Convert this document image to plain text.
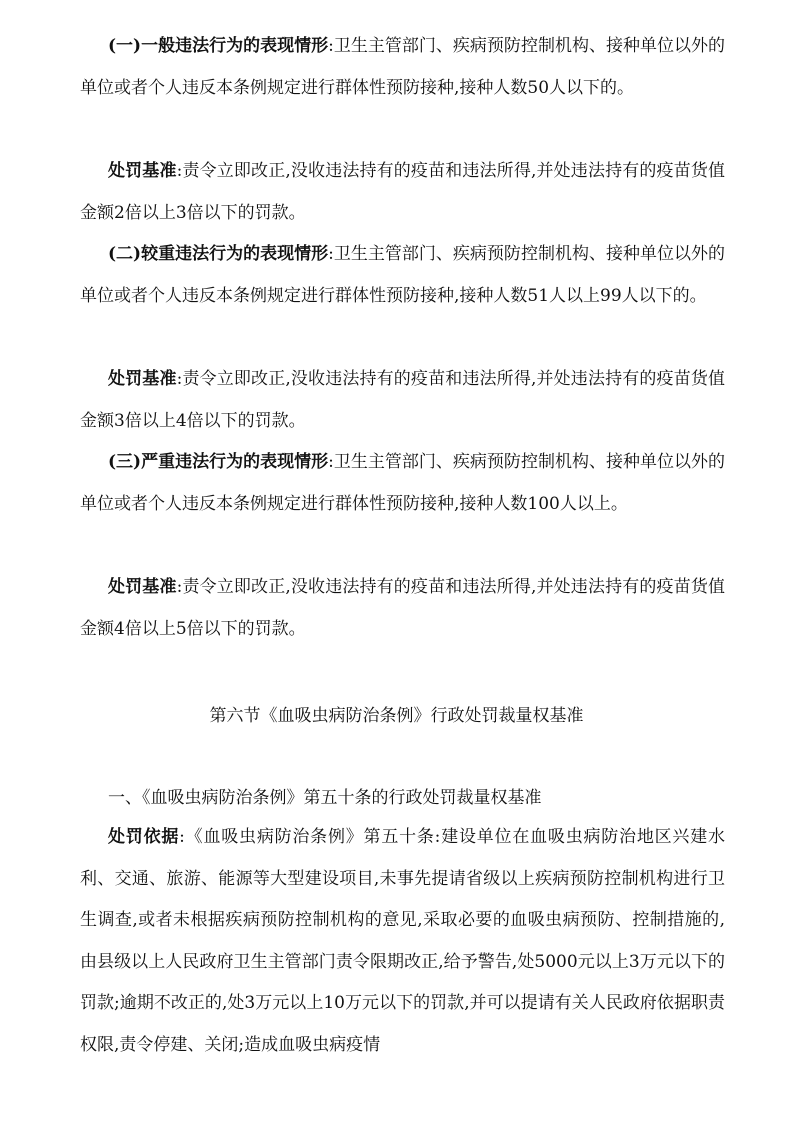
(一)一般违法行为的表现情形:卫生主管部门、疾病预防控制机构、接种单位以外的单位或者个人违反本条例规定进行群体性预防接种,接种人数50人以下的。

处罚基准:责令立即改正,没收违法持有的疫苗和违法所得,并处违法持有的疫苗货值金额2倍以上3倍以下的罚款。

(二)较重违法行为的表现情形:卫生主管部门、疾病预防控制机构、接种单位以外的单位或者个人违反本条例规定进行群体性预防接种,接种人数51人以上99人以下的。

处罚基准:责令立即改正,没收违法持有的疫苗和违法所得,并处违法持有的疫苗货值金额3倍以上4倍以下的罚款。

(三)严重违法行为的表现情形:卫生主管部门、疾病预防控制机构、接种单位以外的单位或者个人违反本条例规定进行群体性预防接种,接种人数100人以上。

处罚基准:责令立即改正,没收违法持有的疫苗和违法所得,并处违法持有的疫苗货值金额4倍以上5倍以下的罚款。

第六节《血吸虫病防治条例》行政处罚裁量权基准
一、《血吸虫病防治条例》第五十条的行政处罚裁量权基准

处罚依据:《血吸虫病防治条例》第五十条:建设单位在血吸虫病防治地区兴建水利、交通、旅游、能源等大型建设项目,未事先提请省级以上疾病预防控制机构进行卫生调查,或者未根据疾病预防控制机构的意见,采取必要的血吸虫病预防、控制措施的,由县级以上人民政府卫生主管部门责令限期改正,给予警告,处5000元以上3万元以下的罚款;逾期不改正的,处3万元以上10万元以下的罚款,并可以提请有关人民政府依据职责权限,责令停建、关闭;造成血吸虫病疫情
